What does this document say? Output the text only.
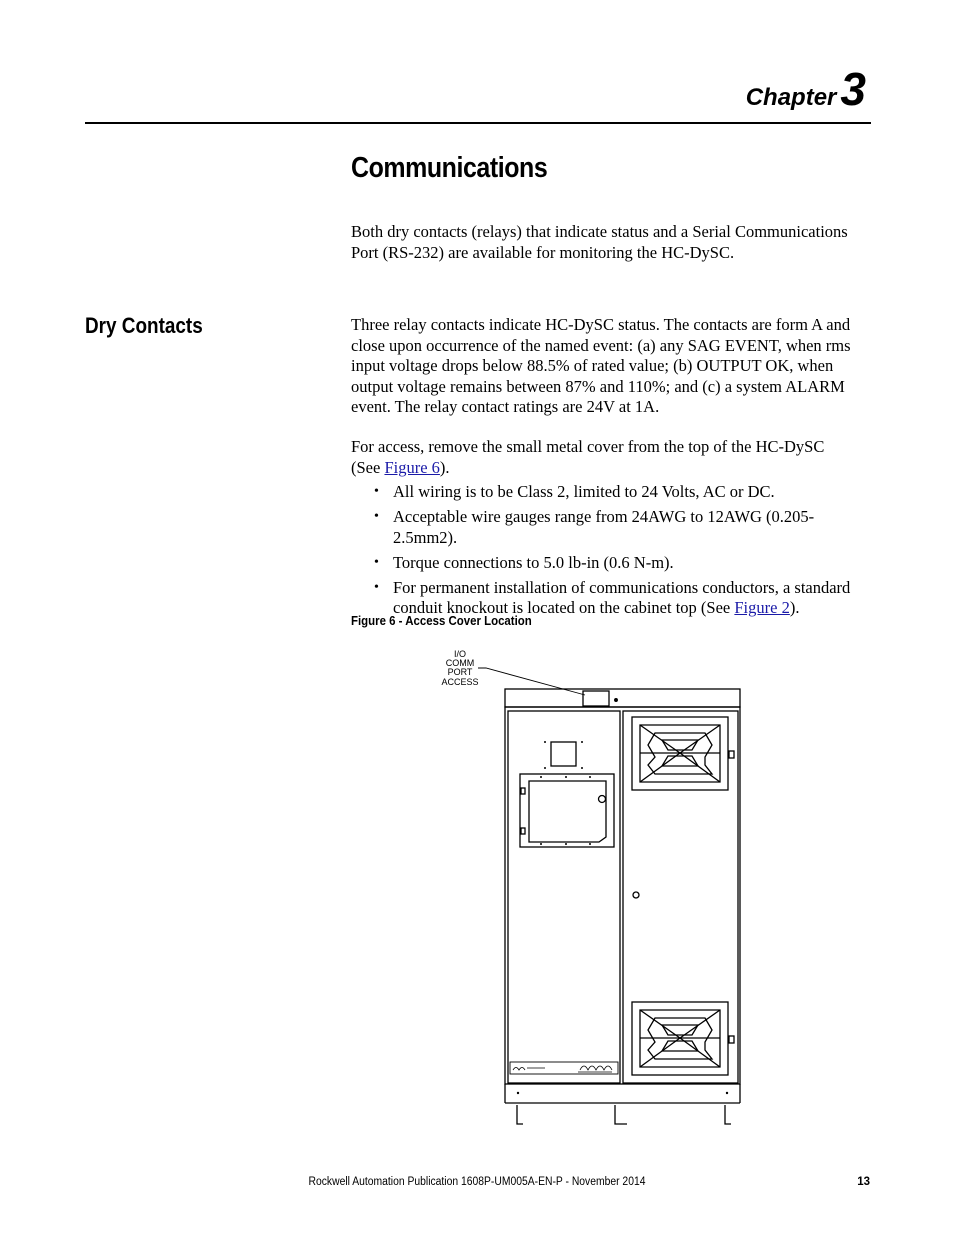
Chapter3
Communications

Both dry contacts (relays) that indicate status and a Serial Communications Port (RS-232) are available for monitoring the HC-DySC.

Dry Contacts	Three relay contacts indicate HC-DySC status. The contacts are form A and close upon occurrence of the named event: (a) any SAG EVENT, when rms input voltage drops below 88.5% of rated value; (b) OUTPUT OK, when output voltage remains between 87% and 110%; and (c) a system ALARM event. The relay contact ratings are 24V at 1A.

For access, remove the small metal cover from the top of the HC-DySC
(See Figure 6).

• All wiring is to be Class 2, limited to 24 Volts, AC or DC.
• Acceptable wire gauges range from 24AWG to 12AWG (0.205-2.5mm2).
• Torque connections to 5.0 lb-in (0.6 N-m).
• For permanent installation of communications conductors, a standard
conduit knockout is located on the cabinet top (See Figure 2).

Figure 6 - Access Cover Location

I/O
COMM
PORT
ACCESS
Rockwell Automation Publication 1608P-UM005A-EN-P - November 2014	13
